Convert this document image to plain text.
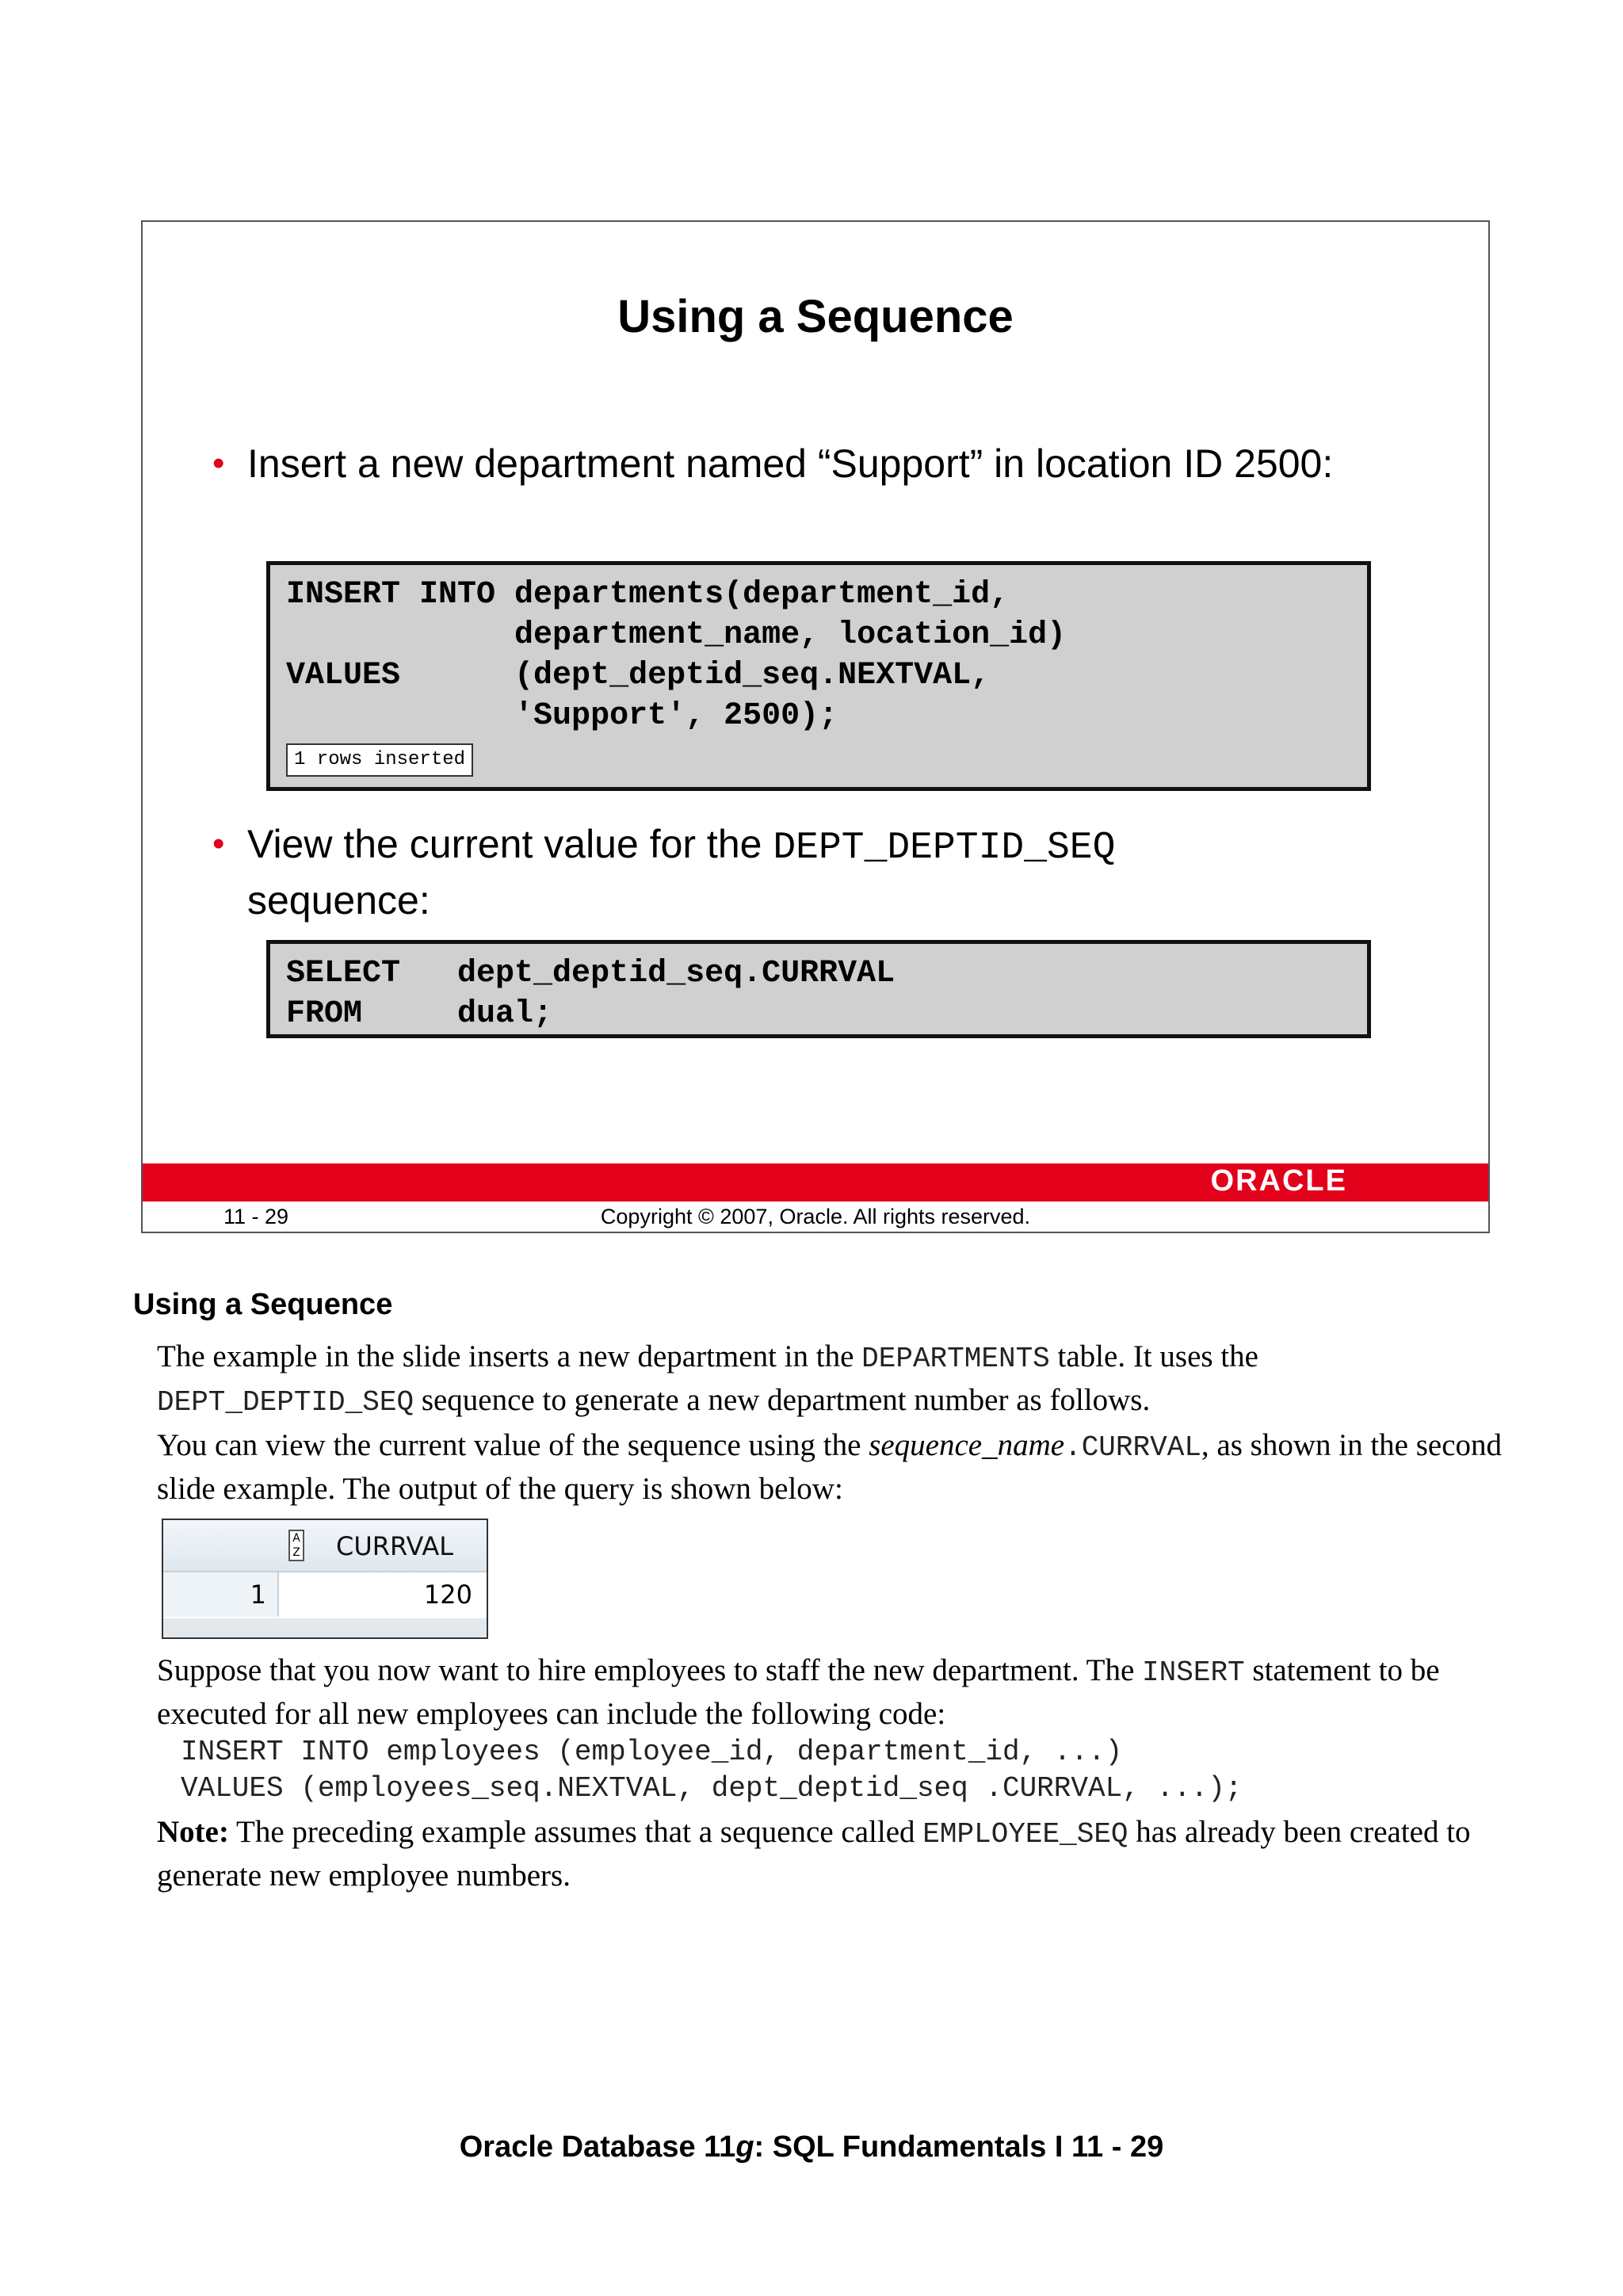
Using a Sequence
• Insert a new department named “Support” in location ID 2500:
INSERT INTO departments(department_id,
department_name, location_id)
VALUES      (dept_deptid_seq.NEXTVAL,
'Support', 2500);
1 rows inserted
• View the current value for the DEPT_DEPTID_SEQ
sequence:
SELECT   dept_deptid_seq.CURRVAL
FROM     dual;
ORACLE
11 - 29	Copyright © 2007, Oracle. All rights reserved.
Using a Sequence
The example in the slide inserts a new department in the DEPARTMENTS table. It uses the DEPT_DEPTID_SEQ sequence to generate a new department number as follows.
You can view the current value of the sequence using the sequence_name.CURRVAL, as shown in the second slide example. The output of the query is shown below:
A
Z CURRVAL
1	120
Suppose that you now want to hire employees to staff the new department. The INSERT statement to be executed for all new employees can include the following code:
INSERT INTO employees (employee_id, department_id, ...)
VALUES (employees_seq.NEXTVAL, dept_deptid_seq .CURRVAL, ...);
Note: The preceding example assumes that a sequence called EMPLOYEE_SEQ has already been created to generate new employee numbers.
Oracle Database 11g: SQL Fundamentals I 11 - 29
